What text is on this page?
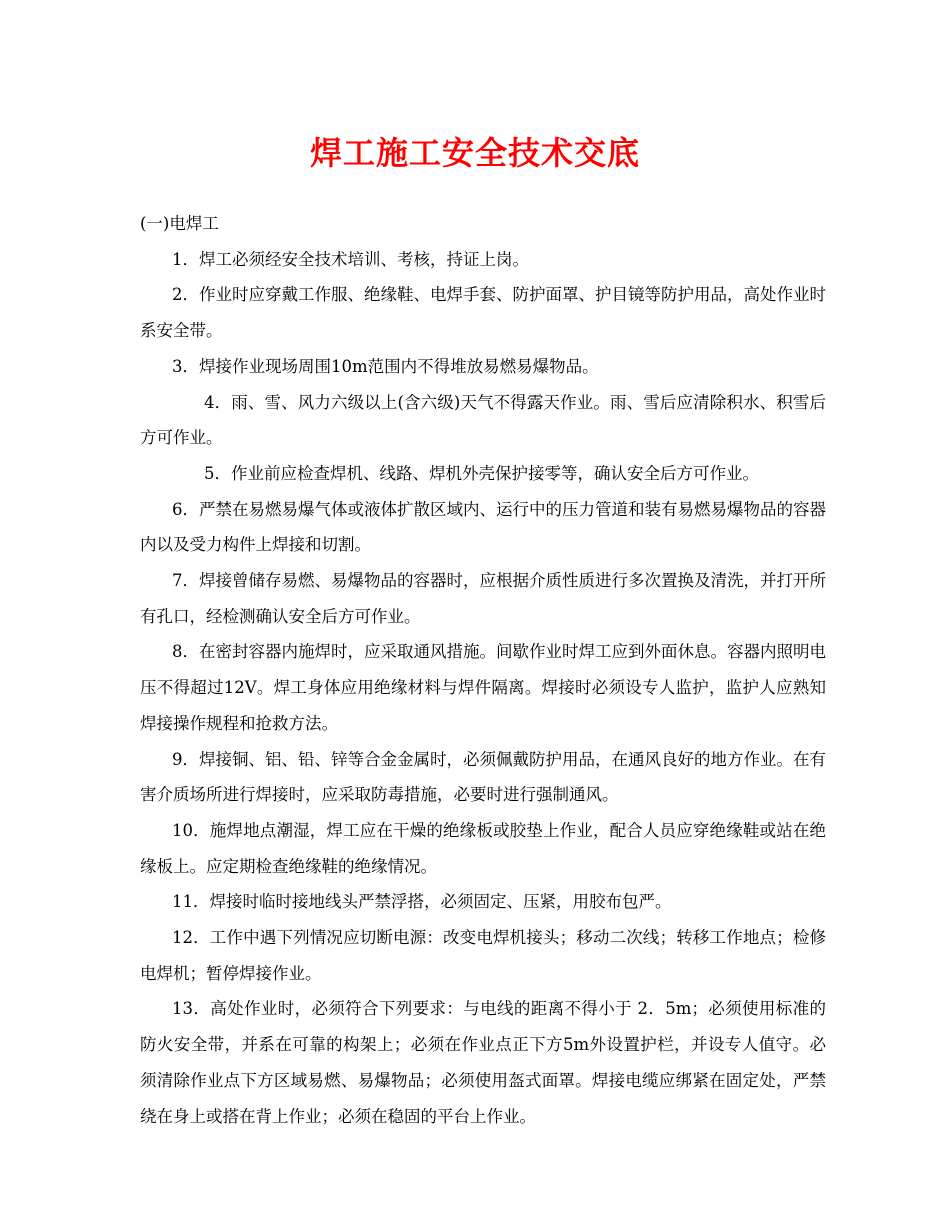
焊工施工安全技术交底

(一)电焊工

1．焊工必须经安全技术培训、考核，持证上岗。

2．作业时应穿戴工作服、绝缘鞋、电焊手套、防护面罩、护目镜等防护用品，高处作业时系安全带。

3．焊接作业现场周围10m范围内不得堆放易燃易爆物品。

4．雨、雪、风力六级以上(含六级)天气不得露天作业。雨、雪后应清除积水、积雪后方可作业。

5．作业前应检查焊机、线路、焊机外壳保护接零等，确认安全后方可作业。

6．严禁在易燃易爆气体或液体扩散区域内、运行中的压力管道和装有易燃易爆物品的容器内以及受力构件上焊接和切割。

7．焊接曾储存易燃、易爆物品的容器时，应根据介质性质进行多次置换及清洗，并打开所有孔口，经检测确认安全后方可作业。

8．在密封容器内施焊时，应采取通风措施。间歇作业时焊工应到外面休息。容器内照明电压不得超过12V。焊工身体应用绝缘材料与焊件隔离。焊接时必须设专人监护，监护人应熟知焊接操作规程和抢救方法。

9．焊接铜、铝、铅、锌等合金金属时，必须佩戴防护用品，在通风良好的地方作业。在有害介质场所进行焊接时，应采取防毒措施，必要时进行强制通风。

10．施焊地点潮湿，焊工应在干燥的绝缘板或胶垫上作业，配合人员应穿绝缘鞋或站在绝缘板上。应定期检查绝缘鞋的绝缘情况。

11．焊接时临时接地线头严禁浮搭，必须固定、压紧，用胶布包严。

12．工作中遇下列情况应切断电源：改变电焊机接头；移动二次线；转移工作地点；检修电焊机；暂停焊接作业。

13．高处作业时，必须符合下列要求：与电线的距离不得小于 2．5m；必须使用标准的防火安全带，并系在可靠的构架上；必须在作业点正下方5m外设置护栏，并设专人值守。必须清除作业点下方区域易燃、易爆物品；必须使用盔式面罩。焊接电缆应绑紧在固定处，严禁绕在身上或搭在背上作业；必须在稳固的平台上作业。
